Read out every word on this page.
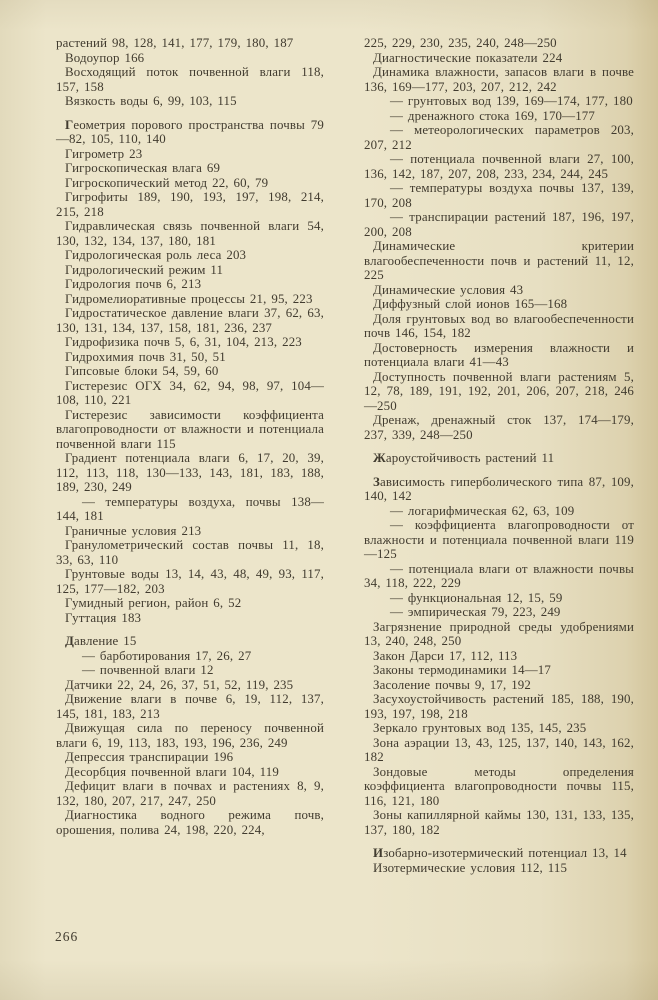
растений 98, 128, 141, 177, 179, 180, 187

Водоупор 166

Восходящий поток почвенной влаги 118, 157, 158

Вязкость воды 6, 99, 103, 115

Геометрия порового пространства почвы 79—82, 105, 110, 140

Гигрометр 23

Гигроскопическая влага 69

Гигроскопический метод 22, 60, 79

Гигрофиты 189, 190, 193, 197, 198, 214, 215, 218

Гидравлическая связь почвенной влаги 54, 130, 132, 134, 137, 180, 181

Гидрологическая роль леса 203

Гидрологический режим 11

Гидрология почв 6, 213

Гидромелиоративные процессы 21, 95, 223

Гидростатическое давление влаги 37, 62, 63, 130, 131, 134, 137, 158, 181, 236, 237

Гидрофизика почв 5, 6, 31, 104, 213, 223

Гидрохимия почв 31, 50, 51

Гипсовые блоки 54, 59, 60

Гистерезис ОГХ 34, 62, 94, 98, 97, 104—108, 110, 221

Гистерезис зависимости коэффициента влагопроводности от влажности и потенциала почвенной влаги 115

Градиент потенциала влаги 6, 17, 20, 39, 112, 113, 118, 130—133, 143, 181, 183, 188, 189, 230, 249

— температуры воздуха, почвы 138—144, 181

Граничные условия 213

Гранулометрический состав почвы 11, 18, 33, 63, 110

Грунтовые воды 13, 14, 43, 48, 49, 93, 117, 125, 177—182, 203

Гумидный регион, район 6, 52

Гуттация 183

Давление 15

— барботирования 17, 26, 27

— почвенной влаги 12

Датчики 22, 24, 26, 37, 51, 52, 119, 235

Движение влаги в почве 6, 19, 112, 137, 145, 181, 183, 213

Движущая сила по переносу почвенной влаги 6, 19, 113, 183, 193, 196, 236, 249

Депрессия транспирации 196

Десорбция почвенной влаги 104, 119

Дефицит влаги в почвах и растениях 8, 9, 132, 180, 207, 217, 247, 250

Диагностика водного режима почв, орошения, полива 24, 198, 220, 224,

225, 229, 230, 235, 240, 248—250

Диагностические показатели 224

Динамика влажности, запасов влаги в почве 136, 169—177, 203, 207, 212, 242

— грунтовых вод 139, 169—174, 177, 180

— дренажного стока 169, 170—177

— метеорологических параметров 203, 207, 212

— потенциала почвенной влаги 27, 100, 136, 142, 187, 207, 208, 233, 234, 244, 245

— температуры воздуха почвы 137, 139, 170, 208

— транспирации растений 187, 196, 197, 200, 208

Динамические критерии влагообеспеченности почв и растений 11, 12, 225

Динамические условия 43

Диффузный слой ионов 165—168

Доля грунтовых вод во влагообеспеченности почв 146, 154, 182

Достоверность измерения влажности и потенциала влаги 41—43

Доступность почвенной влаги растениям 5, 12, 78, 189, 191, 192, 201, 206, 207, 218, 246—250

Дренаж, дренажный сток 137, 174—179, 237, 339, 248—250

Жароустойчивость растений 11

Зависимость гиперболического типа 87, 109, 140, 142

— логарифмическая 62, 63, 109

— коэффициента влагопроводности от влажности и потенциала почвенной влаги 119—125

— потенциала влаги от влажности почвы 34, 118, 222, 229

— функциональная 12, 15, 59

— эмпирическая 79, 223, 249

Загрязнение природной среды удобрениями 13, 240, 248, 250

Закон Дарси 17, 112, 113

Законы термодинамики 14—17

Засоление почвы 9, 17, 192

Засухоустойчивость растений 185, 188, 190, 193, 197, 198, 218

Зеркало грунтовых вод 135, 145, 235

Зона аэрации 13, 43, 125, 137, 140, 143, 162, 182

Зондовые методы определения коэффициента влагопроводности почвы 115, 116, 121, 180

Зоны капиллярной каймы 130, 131, 133, 135, 137, 180, 182

Изобарно-изотермический потенциал 13, 14

Изотермические условия 112, 115

266
